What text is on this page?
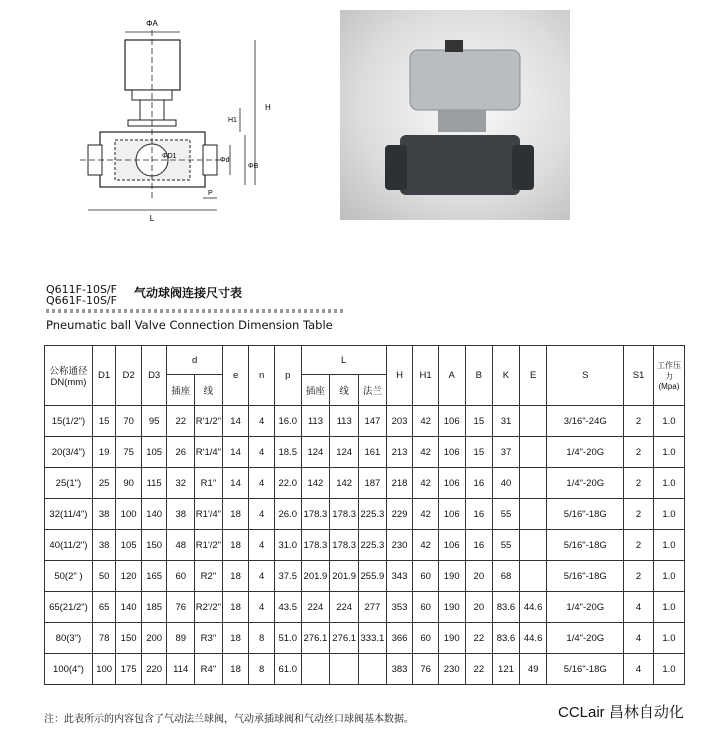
ΦA
H
H1
ΦD1
Φd
ΦB
P
L
Q611F-10S/F
Q661F-10S/F
气动球阀连接尺寸表
Pneumatic ball Valve Connection Dimension Table
公称通径 DN(mm)	D1	D2	D3	d		e	n	p	L			H	H1	A	B	K	E	S	S1	工作压力 (Mpa)
				插座	线				插座	线	法兰									
15(1/2")	15	70	95	22	R'1/2"	14	4	16.0	113	113	147	203	42	106	15	31		3/16"-24G	2	1.0
20(3/4")	19	75	105	26	R'1/4"	14	4	18.5	124	124	161	213	42	106	15	37		1/4"-20G	2	1.0
25(1")	25	90	115	32	R1"	14	4	22.0	142	142	187	218	42	106	16	40		1/4"-20G	2	1.0
32(11/4")	38	100	140	38	R1'/4"	18	4	26.0	178.3	178.3	225.3	229	42	106	16	55		5/16"-18G	2	1.0
40(11/2")	38	105	150	48	R1'/2"	18	4	31.0	178.3	178.3	225.3	230	42	106	16	55		5/16"-18G	2	1.0
50(2" )	50	120	165	60	R2"	18	4	37.5	201.9	201.9	255.9	343	60	190	20	68		5/16"-18G	2	1.0
65(21/2")	65	140	185	76	R2'/2"	18	4	43.5	224	224	277	353	60	190	20	83.6	44.6	1/4"-20G	4	1.0
80(3")	78	150	200	89	R3"	18	8	51.0	276.1	276.1	333.1	366	60	190	22	83.6	44.6	1/4"-20G	4	1.0
100(4")	100	175	220	114	R4"	18	8	61.0				383	76	230	22	121	49	5/16"-18G	4	1.0
注：此表所示的内容包含了气动法兰球阀，气动承插球阀和气动丝口球阀基本数据。	CCLair 昌林自动化
